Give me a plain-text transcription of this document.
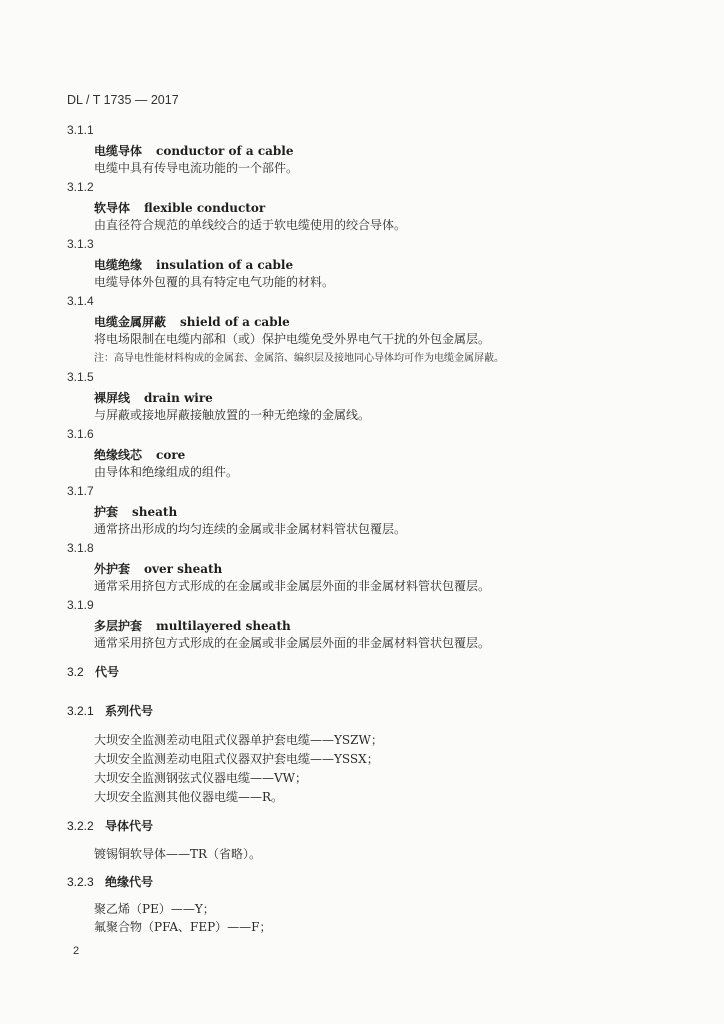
DL / T 1735 — 2017
3.1.1
电缆导体 conductor of a cable
电缆中具有传导电流功能的一个部件。
3.1.2
软导体 flexible conductor
由直径符合规范的单线绞合的适于软电缆使用的绞合导体。
3.1.3
电缆绝缘 insulation of a cable
电缆导体外包覆的具有特定电气功能的材料。
3.1.4
电缆金属屏蔽 shield of a cable
将电场限制在电缆内部和（或）保护电缆免受外界电气干扰的外包金属层。
注：高导电性能材料构成的金属套、金属箔、编织层及接地同心导体均可作为电缆金属屏蔽。
3.1.5
裸屏线 drain wire
与屏蔽或接地屏蔽接触放置的一种无绝缘的金属线。
3.1.6
绝缘线芯 core
由导体和绝缘组成的组件。
3.1.7
护套 sheath
通常挤出形成的均匀连续的金属或非金属材料管状包覆层。
3.1.8
外护套 over sheath
通常采用挤包方式形成的在金属或非金属层外面的非金属材料管状包覆层。
3.1.9
多层护套 multilayered sheath
通常采用挤包方式形成的在金属或非金属层外面的非金属材料管状包覆层。
3.2 代号
3.2.1 系列代号
大坝安全监测差动电阻式仪器单护套电缆——YSZW；
大坝安全监测差动电阻式仪器双护套电缆——YSSX；
大坝安全监测钢弦式仪器电缆——VW；
大坝安全监测其他仪器电缆——R。
3.2.2 导体代号
镀锡铜软导体——TR（省略）。
3.2.3 绝缘代号
聚乙烯（PE）——Y；
氟聚合物（PFA、FEP）——F；
2
